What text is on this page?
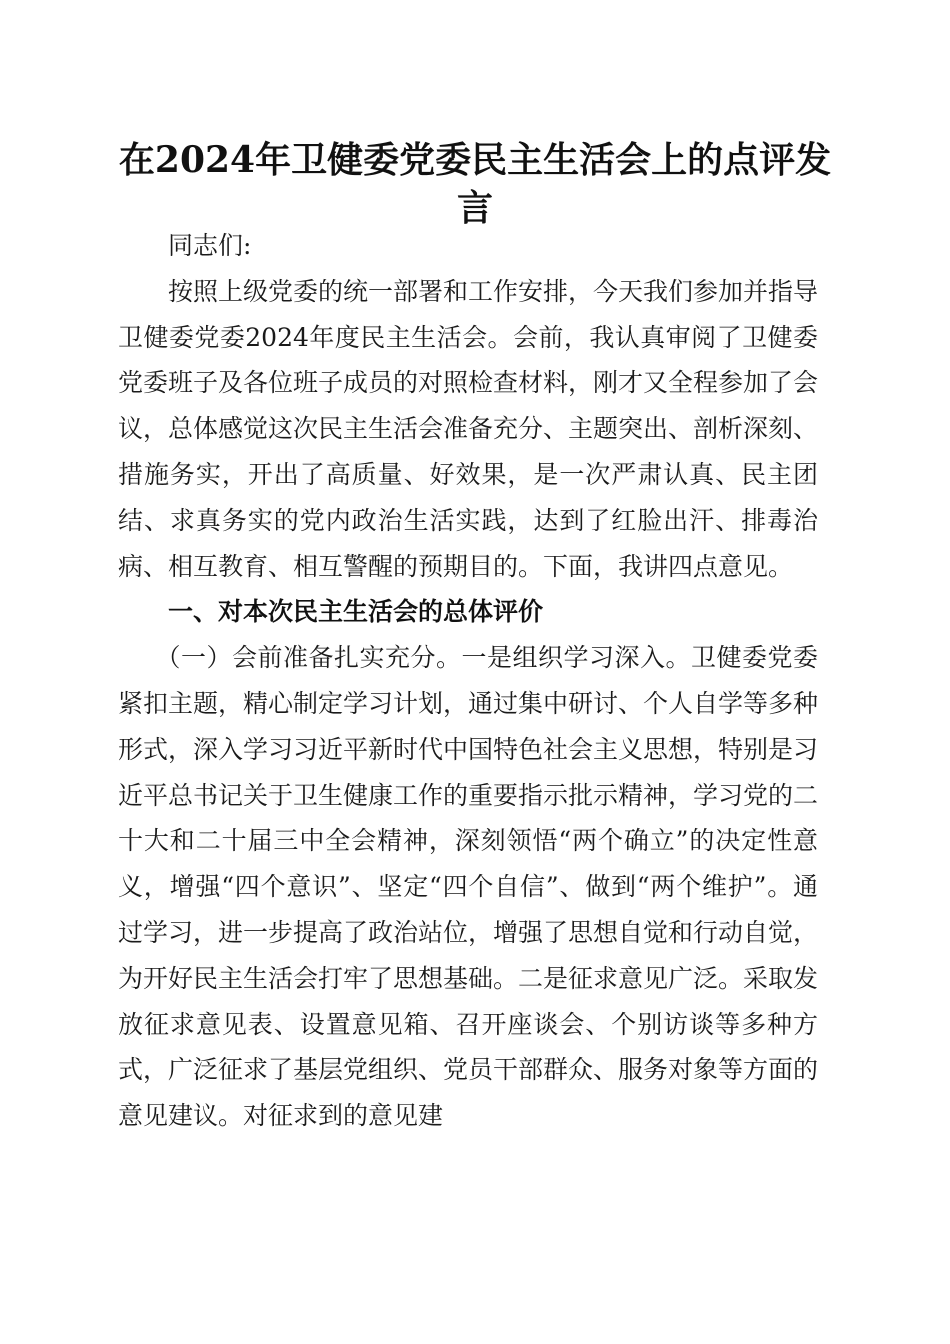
在2024年卫健委党委民主生活会上的点评发言

同志们:

按照上级党委的统一部署和工作安排，今天我们参加并指导卫健委党委2024年度民主生活会。会前，我认真审阅了卫健委党委班子及各位班子成员的对照检查材料，刚才又全程参加了会议，总体感觉这次民主生活会准备充分、主题突出、剖析深刻、措施务实，开出了高质量、好效果，是一次严肃认真、民主团结、求真务实的党内政治生活实践，达到了红脸出汗、排毒治病、相互教育、相互警醒的预期目的。下面，我讲四点意见。

一、对本次民主生活会的总体评价

（一）会前准备扎实充分。一是组织学习深入。卫健委党委紧扣主题，精心制定学习计划，通过集中研讨、个人自学等多种形式，深入学习习近平新时代中国特色社会主义思想，特别是习近平总书记关于卫生健康工作的重要指示批示精神，学习党的二十大和二十届三中全会精神，深刻领悟“两个确立”的决定性意义，增强“四个意识”、坚定“四个自信”、做到“两个维护”。通过学习，进一步提高了政治站位，增强了思想自觉和行动自觉，为开好民主生活会打牢了思想基础。二是征求意见广泛。采取发放征求意见表、设置意见箱、召开座谈会、个别访谈等多种方式，广泛征求了基层党组织、党员干部群众、服务对象等方面的意见建议。对征求到的意见建
